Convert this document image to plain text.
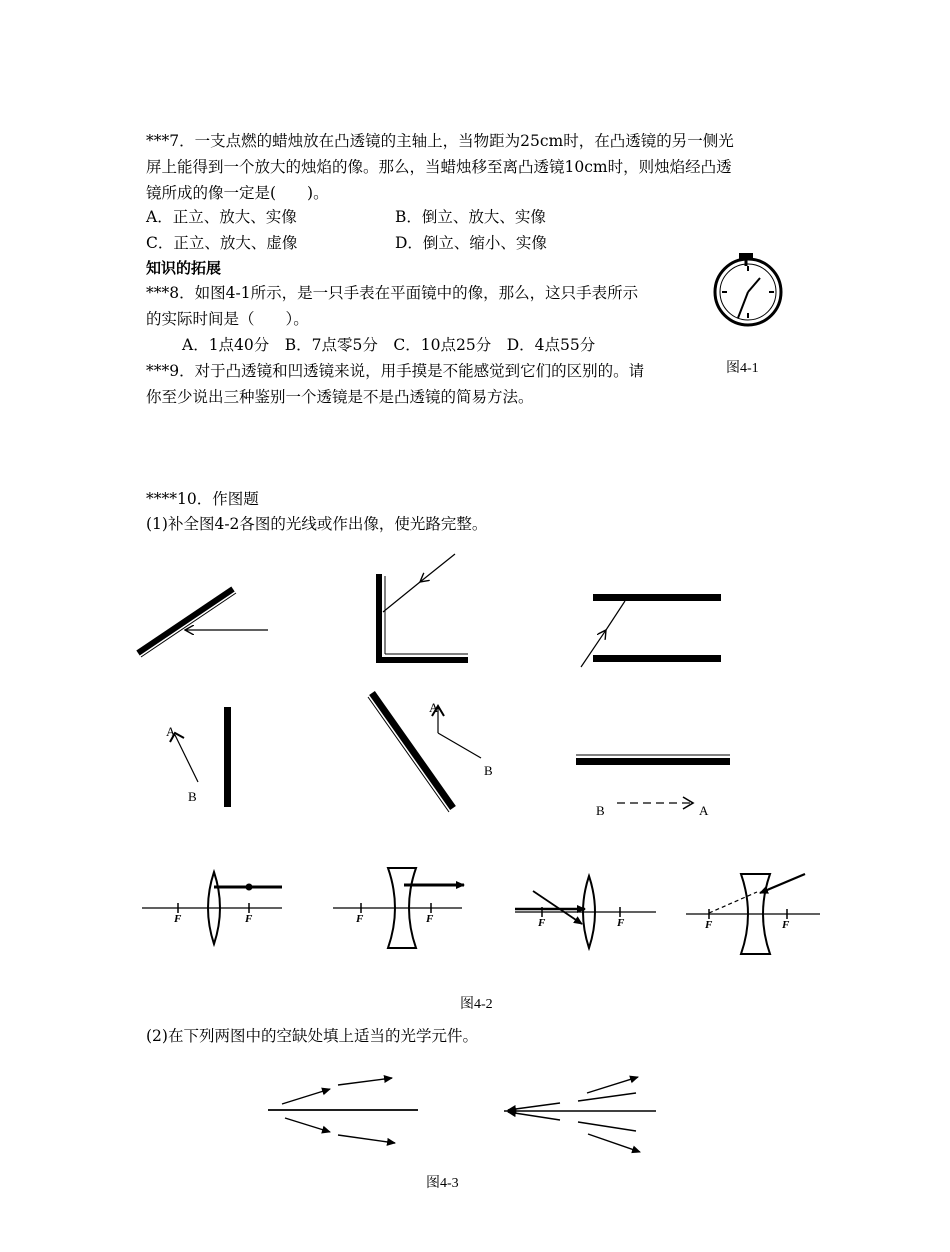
***7．一支点燃的蜡烛放在凸透镜的主轴上，当物距为25cm时，在凸透镜的另一侧光
屏上能得到一个放大的烛焰的像。那么，当蜡烛移至离凸透镜10cm时，则烛焰经凸透
镜所成的像一定是(　　)。
A．正立、放大、实像	B．倒立、放大、实像
C．正立、放大、虚像	D．倒立、缩小、实像
知识的拓展
***8．如图4-1所示，是一只手表在平面镜中的像，那么，这只手表所示
的实际时间是（　　）。
A．1点40分　B．7点零5分　C．10点25分　D．4点55分
图4-1
***9．对于凸透镜和凹透镜来说，用手摸是不能感觉到它们的区别的。请
你至少说出三种鉴别一个透镜是不是凸透镜的简易方法。
****10．作图题
(1)补全图4-2各图的光线或作出像，使光路完整。
图4-2
(2)在下列两图中的空缺处填上适当的光学元件。
图4-3
A
B
A
B
B	A
F	F	F	F	F	F	F	F
